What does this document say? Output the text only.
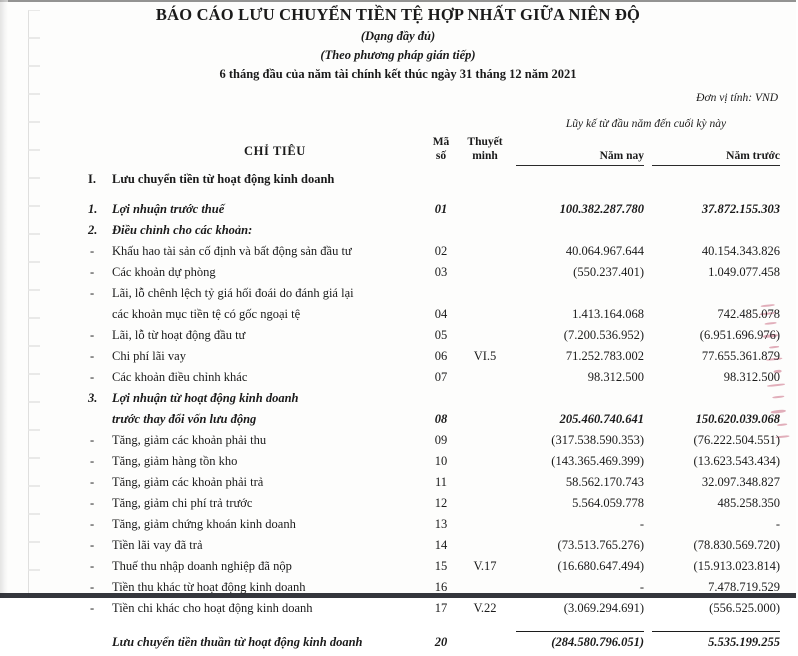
BÁO CÁO LƯU CHUYỂN TIỀN TỆ HỢP NHẤT GIỮA NIÊN ĐỘ
(Dạng đầy đủ)
(Theo phương pháp gián tiếp)
6 tháng đầu của năm tài chính kết thúc ngày 31 tháng 12 năm 2021
Đơn vị tính: VND
Lũy kế từ đầu năm đến cuối kỳ này
CHỈ TIÊU
Mã
số
Thuyết
minh	Năm nay	Năm trước
I.	Lưu chuyển tiền từ hoạt động kinh doanh
1.	Lợi nhuận trước thuế	01	100.382.287.780	37.872.155.303
2.	Điều chỉnh cho các khoản:
-	Khấu hao tài sản cố định và bất động sản đầu tư	02	40.064.967.644	40.154.343.826
-	Các khoản dự phòng	03	(550.237.401)	1.049.077.458
-	Lãi, lỗ chênh lệch tỷ giá hối đoái do đánh giá lại
các khoản mục tiền tệ có gốc ngoại tệ	04	1.413.164.068	742.485.078
-	Lãi, lỗ từ hoạt động đầu tư	05	(7.200.536.952)	(6.951.696.976)
-	Chi phí lãi vay	06	VI.5	71.252.783.002	77.655.361.879
-	Các khoản điều chỉnh khác	07	98.312.500	98.312.500
3.	Lợi nhuận từ hoạt động kinh doanh
trước thay đổi vốn lưu động	08	205.460.740.641	150.620.039.068
-	Tăng, giảm các khoản phải thu	09	(317.538.590.353)	(76.222.504.551)
-	Tăng, giảm hàng tồn kho	10	(143.365.469.399)	(13.623.543.434)
-	Tăng, giảm các khoản phải trả	11	58.562.170.743	32.097.348.827
-	Tăng, giảm chi phí trả trước	12	5.564.059.778	485.258.350
-	Tăng, giảm chứng khoán kinh doanh	13	-	-
-	Tiền lãi vay đã trả	14	(73.513.765.276)	(78.830.569.720)
-	Thuế thu nhập doanh nghiệp đã nộp	15	V.17	(16.680.647.494)	(15.913.023.814)
-	Tiền thu khác từ hoạt động kinh doanh	16	-	7.478.719.529
-	Tiền chi khác cho hoạt động kinh doanh	17	V.22	(3.069.294.691)	(556.525.000)
Lưu chuyển tiền thuần từ hoạt động kinh doanh	20	(284.580.796.051)	5.535.199.255
